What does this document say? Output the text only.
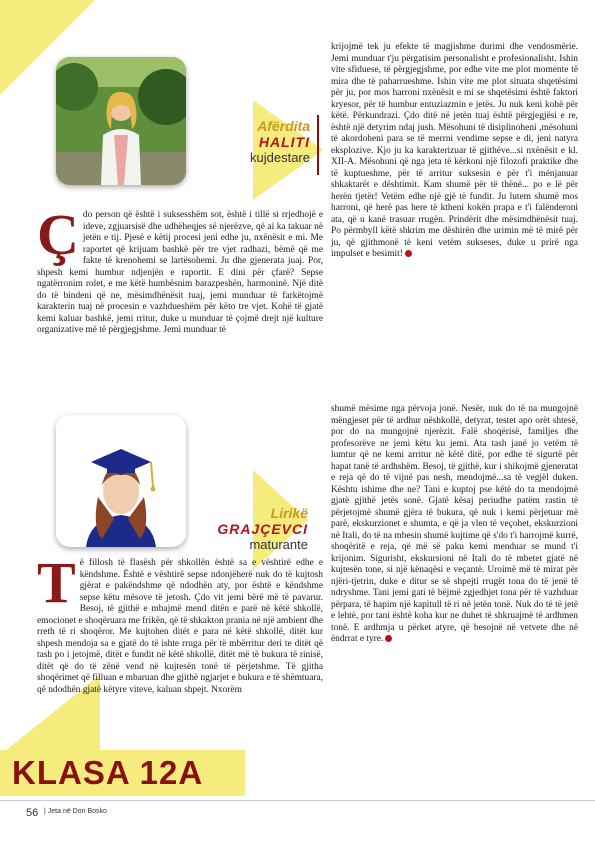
Afërdita
HALITI
kujdestare
Çdo person që është i suksesshëm sot, është i tillë si rrjedhojë e ideve, zgjuarsisë dhe udhëheqjes së njerëzve, që ai ka takuar në jetën e tij. Pjesë e këtij procesi jeni edhe ju, nxënësit e mi. Me raportet që krijuam bashkë për tre vjet radhazi, bëmë që me fakte të krenohemi se lartësohemi. Ju dhe gjenerata juaj. Por, shpesh kemi humbur ndjenjën e raportit. E dini për çfarë? Sepse ngatërronim rolet, e me këtë humbësnim barazpeshën, harmoninë. Një ditë do të bindeni që ne, mësimdhënësit tuaj, jemi munduar të farkëtojmë karakterin tuaj në procesin e vazhdueshëm për këto tre vjet. Kohë të gjatë kemi kaluar bashkë, jemi rritur, duke u munduar të çojmë drejt një kulture organizative më të përgjegjshme. Jemi munduar të
krijojmë tek ju efekte të magjishme durimi dhe vendosmërie. Jemi munduar t'ju përgatisim personalisht e profesionalisht. Ishin vite sfiduese, të përgjegjshme, por edhe vite me plot momente të mira dhe të paharrueshme. Ishin vite me plot situata shqetësimi për ju, por mos harroni nxënësit e mi se shqetësimi është faktori kryesor, për të humbur entuziazmin e jetës. Ju nuk keni kohë për këtë. Përkundrazi. Çdo ditë në jetën tuaj është përgjegjësi e re, është një detyrim ndaj jush. Mësohuni të disiplinoheni ,mësohuni të akordoheni para se të merrni vendime sepse e di, jeni natyra eksplozive. Kjo ju ka karakterizuar të gjithëve...si nxënësit e kl. XII-A. Mësohuni që nga jeta të kërkoni një filozofi praktike dhe të kuptueshme, për të arritur suksesin e për t'i ménjanuar shkaktarët e dështimit. Kam shumë për të thënë... po e lë për herën tjetër! Vetëm edhe një gjë të fundit. Ju lutem shumë mos harroni, që herë pas here të ktheni kokën prapa e t'i falënderoni ata, që u kanë trasuar rrugën. Prindërit dhe mësimdhënësit tuaj. Po përmbyll këtë shkrim me dëshirën dhe urimin më të mirë për ju, që gjithmonë të keni vetëm sukseses, duke u prirë nga impulset e besimit!
Lirikë
GRAJÇEVCI
maturante
Të fillosh të flasësh për shkollën është sa e vështirë edhe e këndshme. Është e vështirë sepse ndonjëherë nuk do të kujtosh gjërat e pakëndshme që ndodhën aty, por është e këndshme sepse këtu mësove të jetosh. Çdo vit jemi bërë më të pavarur. Besoj, të gjithë e mbajmë mend ditën e parë në këtë shkollë, emocionet e shoqëruara me frikën, që të shkakton prania në një ambient dhe rreth të ri shoqëror. Me kujtohen ditët e para në këtë shkollë, ditët kur shpesh mendoja sa e gjatë do të ishte rruga për të mbërritur deri te ditët që tash po i jetojmë, ditët e fundit në këtë shkollë, ditët më të bukura të rinisë, ditët që do të zënë vend në kujtesën tonë të përjetshme. Të gjitha shoqërimet që filluan e mbaruan dhe gjithë ngjarjet e bukura e të shëmtuara, që ndodhën gjatë këtyre viteve, kaluan shpejt. Nxorëm
shumë mësime nga përvoja jonë. Nesër, nuk do të na mungojnë mëngjeset për të ardhur nëshkollë, detyrat, testet apo orët shtesë, por do na mungojnë njerëzit. Falë shoqërisë, familjes dhe profesorëve ne jemi këtu ku jemi. Ata tash janë jo vetëm të lumtur që ne kemi arritur në këtë ditë, por edhe të sigurtë për hapat tanë të ardhshëm. Besoj, të gjithë, kur i shikojmë gjeneratat e reja që do të vijnë pas nesh, mendojmë...sa të vegjël duken. Kështu ishime dhe ne? Tani e kuptoj pse këtë do ta mendojmë gjatë gjithë jetës sonë. Gjatë kësaj periudhe patëm rastin të përjetojmë shumë gjëra të bukura, që nuk i kemi përjetuar më parë, ekskurzionet e shumta, e që ja vlen të veçohet, ekskurzioni në Itali, do të na mbesin shumë kujtime që s'do t'i harrojmë kurrë, shoqëritë e reja, që më së paku kemi menduar se mund t'i krijonim. Sigurisht, ekskursioni në Itali do të mbetet gjatë në kujtesën tone, si një kënaqësi e veçantë. Uroimë më të mirat për njëri-tjetrin, duke e ditur se së shpejti rrugët tona do të jenë të ndryshme. Tani jemi gati të bëjmë zgjedhjet tona për të vazhduar përpara, të hapim një kapitull të ri në jetën tonë. Nuk do të të jetë e lehtë, por tani është koha kur ne duhet të shkruajmë të ardhmen tonë. E ardhmja u përket atyre, që besojnë në vetvete dhe në ëndrrat e tyre.
KLASA 12A
56 | Jeta në Don Bosko
